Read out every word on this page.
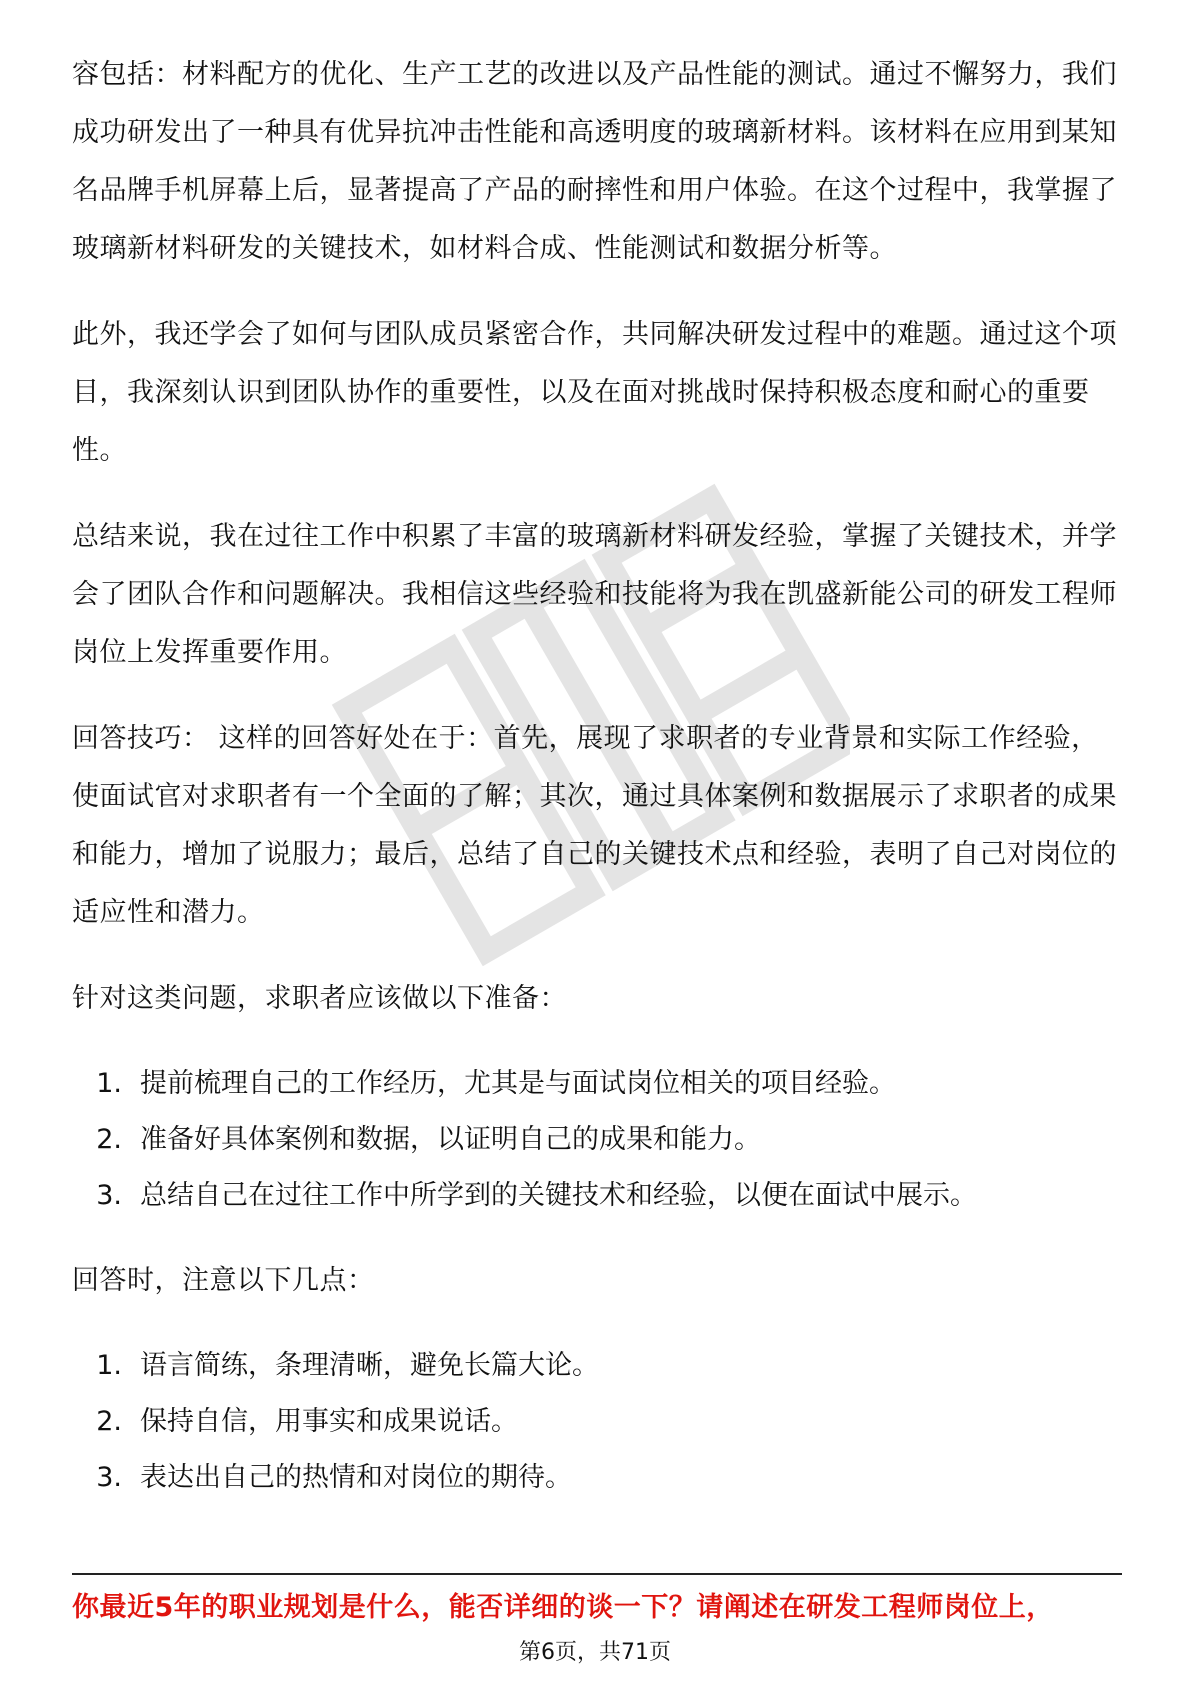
容包括：材料配方的优化、生产工艺的改进以及产品性能的测试。通过不懈努力，我们成功研发出了一种具有优异抗冲击性能和高透明度的玻璃新材料。该材料在应用到某知名品牌手机屏幕上后，显著提高了产品的耐摔性和用户体验。在这个过程中，我掌握了玻璃新材料研发的关键技术，如材料合成、性能测试和数据分析等。

此外，我还学会了如何与团队成员紧密合作，共同解决研发过程中的难题。通过这个项目，我深刻认识到团队协作的重要性，以及在面对挑战时保持积极态度和耐心的重要性。

总结来说，我在过往工作中积累了丰富的玻璃新材料研发经验，掌握了关键技术，并学会了团队合作和问题解决。我相信这些经验和技能将为我在凯盛新能公司的研发工程师岗位上发挥重要作用。

回答技巧： 这样的回答好处在于：首先，展现了求职者的专业背景和实际工作经验，使面试官对求职者有一个全面的了解；其次，通过具体案例和数据展示了求职者的成果和能力，增加了说服力；最后，总结了自己的关键技术点和经验，表明了自己对岗位的适应性和潜力。

针对这类问题，求职者应该做以下准备：

1. 提前梳理自己的工作经历，尤其是与面试岗位相关的项目经验。
2. 准备好具体案例和数据，以证明自己的成果和能力。
3. 总结自己在过往工作中所学到的关键技术和经验，以便在面试中展示。

回答时，注意以下几点：

1. 语言简练，条理清晰，避免长篇大论。
2. 保持自信，用事实和成果说话。
3. 表达出自己的热情和对岗位的期待。
你最近5年的职业规划是什么，能否详细的谈一下？请阐述在研发工程师岗位上，
第6页，共71页
